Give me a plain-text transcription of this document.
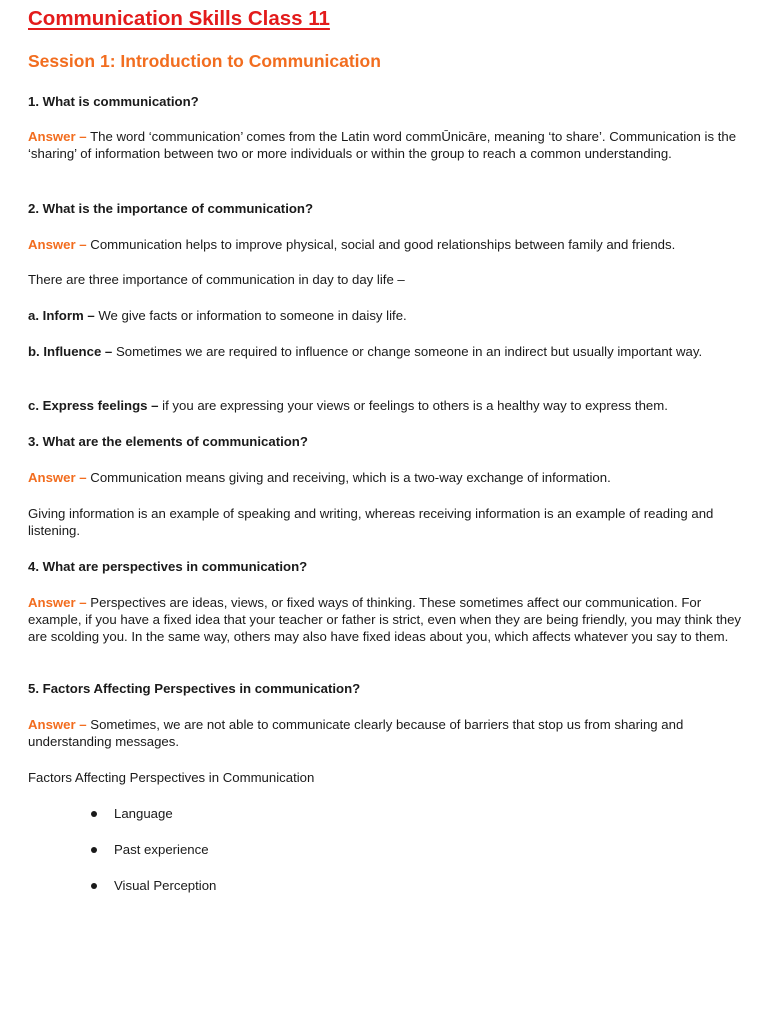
Communication Skills Class 11
Session 1: Introduction to Communication

1. What is communication?

Answer – The word ‘communication’ comes from the Latin word commŪnicāre, meaning ‘to share’. Communication is the ‘sharing’ of information between two or more individuals or within the group to reach a common understanding.

2. What is the importance of communication?

Answer – Communication helps to improve physical, social and good relationships between family and friends.

There are three importance of communication in day to day life –

a. Inform – We give facts or information to someone in daisy life.

b. Influence – Sometimes we are required to influence or change someone in an indirect but usually important way.

c. Express feelings – if you are expressing your views or feelings to others is a healthy way to express them.

3. What are the elements of communication?

Answer – Communication means giving and receiving, which is a two-way exchange of information.

Giving information is an example of speaking and writing, whereas receiving information is an example of reading and listening.

4. What are perspectives in communication?

Answer – Perspectives are ideas, views, or fixed ways of thinking. These sometimes affect our communication. For example, if you have a fixed idea that your teacher or father is strict, even when they are being friendly, you may think they are scolding you. In the same way, others may also have fixed ideas about you, which affects whatever you say to them.

5. Factors Affecting Perspectives in communication?

Answer – Sometimes, we are not able to communicate clearly because of barriers that stop us from sharing and understanding messages.

Factors Affecting Perspectives in Communication

Language
Past experience
Visual Perception
